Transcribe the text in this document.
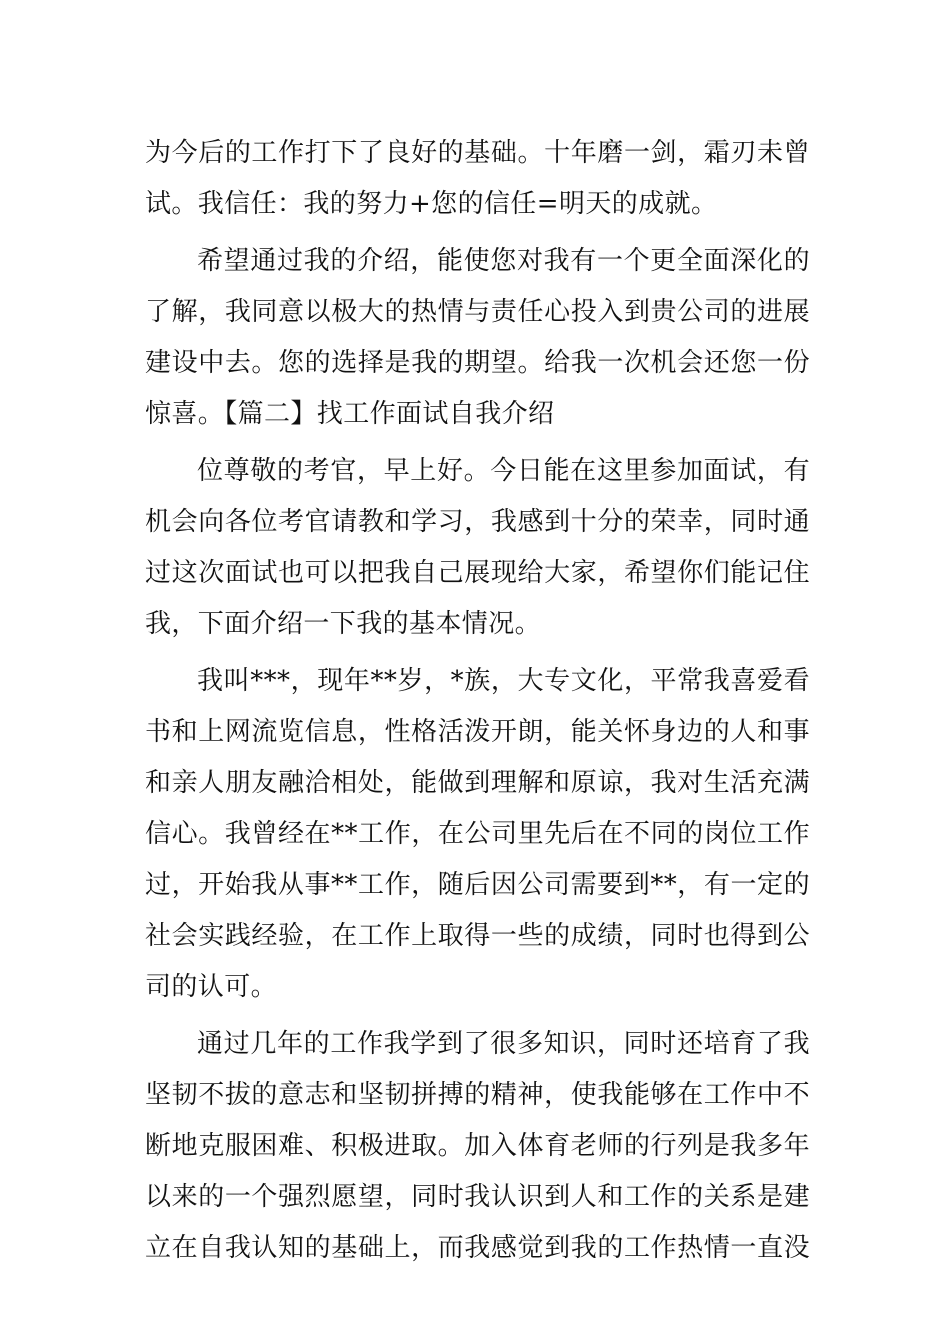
为今后的工作打下了良好的基础。十年磨一剑，霜刃未曾
试。我信任：我的努力+您的信任=明天的成就。
希望通过我的介绍，能使您对我有一个更全面深化的
了解，我同意以极大的热情与责任心投入到贵公司的进展
建设中去。您的选择是我的期望。给我一次机会还您一份
惊喜。【篇二】找工作面试自我介绍
位尊敬的考官，早上好。今日能在这里参加面试，有
机会向各位考官请教和学习，我感到十分的荣幸，同时通
过这次面试也可以把我自己展现给大家，希望你们能记住
我，下面介绍一下我的基本情况。
我叫***，现年**岁，*族，大专文化，平常我喜爱看
书和上网流览信息，性格活泼开朗，能关怀身边的人和事
和亲人朋友融洽相处，能做到理解和原谅，我对生活充满
信心。我曾经在**工作，在公司里先后在不同的岗位工作
过，开始我从事**工作，随后因公司需要到**，有一定的
社会实践经验，在工作上取得一些的成绩，同时也得到公
司的认可。
通过几年的工作我学到了很多知识，同时还培育了我
坚韧不拔的意志和坚韧拼搏的精神，使我能够在工作中不
断地克服困难、积极进取。加入体育老师的行列是我多年
以来的一个强烈愿望，同时我认识到人和工作的关系是建
立在自我认知的基础上，而我感觉到我的工作热情一直没
